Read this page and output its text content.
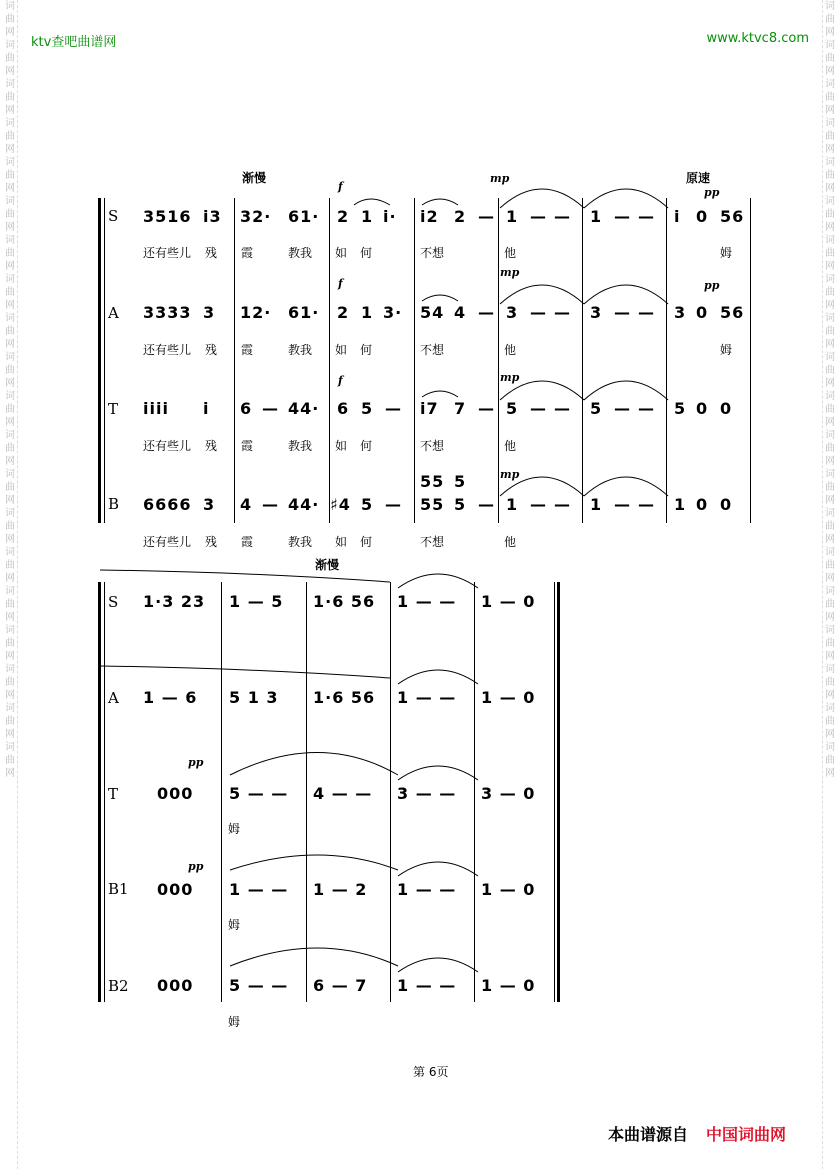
词
曲
网
词
曲
网
词
曲
网
词
曲
网
词
曲
网
词
曲
网
词
曲
网
词
曲
网
词
曲
网
词
曲
网
词
曲
网
词
曲
网
词
曲
网
词
曲
网
词
曲
网
词
曲
网
词
曲
网
词
曲
网
词
曲
网
词
曲
网
词
曲
网
词
曲
网
词
曲
网
词
曲
网
词
曲
网
词
曲
网
词
曲
网
词
曲
网
词
曲
网
词
曲
网
词
曲
网
词
曲
网
词
曲
网
词
曲
网
词
曲
网
词
曲
网
词
曲
网
词
曲
网
词
曲
网
词
曲
网
ktv查吧曲谱网	www.ktvc8.com
渐慢	原速
S
f
mp
pp
3516 i3 32· 61· 2 1 i· i2 2 — 1 — — 1 — — i 0 56
还有些儿 残 霞	教我 如 何	不想	他	姆
A
f
mp
pp
3333 3 12· 61· 2 1 3· 54 4 — 3 — — 3 — — 3 0 56
还有些儿 残 霞	教我 如 何	不想	他	姆
T
f	mp
iiii i 6 — 44· 6 5 — i7 7 — 5 — — 5 — — 5 0 0
还有些儿 残 霞	教我 如 何	不想	他
B
mp
55 5
6666 3 4 — 44· ♯4 5 — 55 5 — 1 — — 1 — — 1 0 0
还有些儿 残 霞	教我 如 何	不想	他
渐慢
S 1·3 23 1 — 5 1·6 56 1 — — 1 — 0
A 1 — 6 5 1 3 1·6 56 1 — — 1 — 0
T
pp
000 5 — — 4 — — 3 — — 3 — 0
姆
B1
pp
000 1 — — 1 — 2 1 — — 1 — 0
姆
B2 000 5 — — 6 — 7 1 — — 1 — 0
姆
第 6页
本曲谱源自 中国词曲网
